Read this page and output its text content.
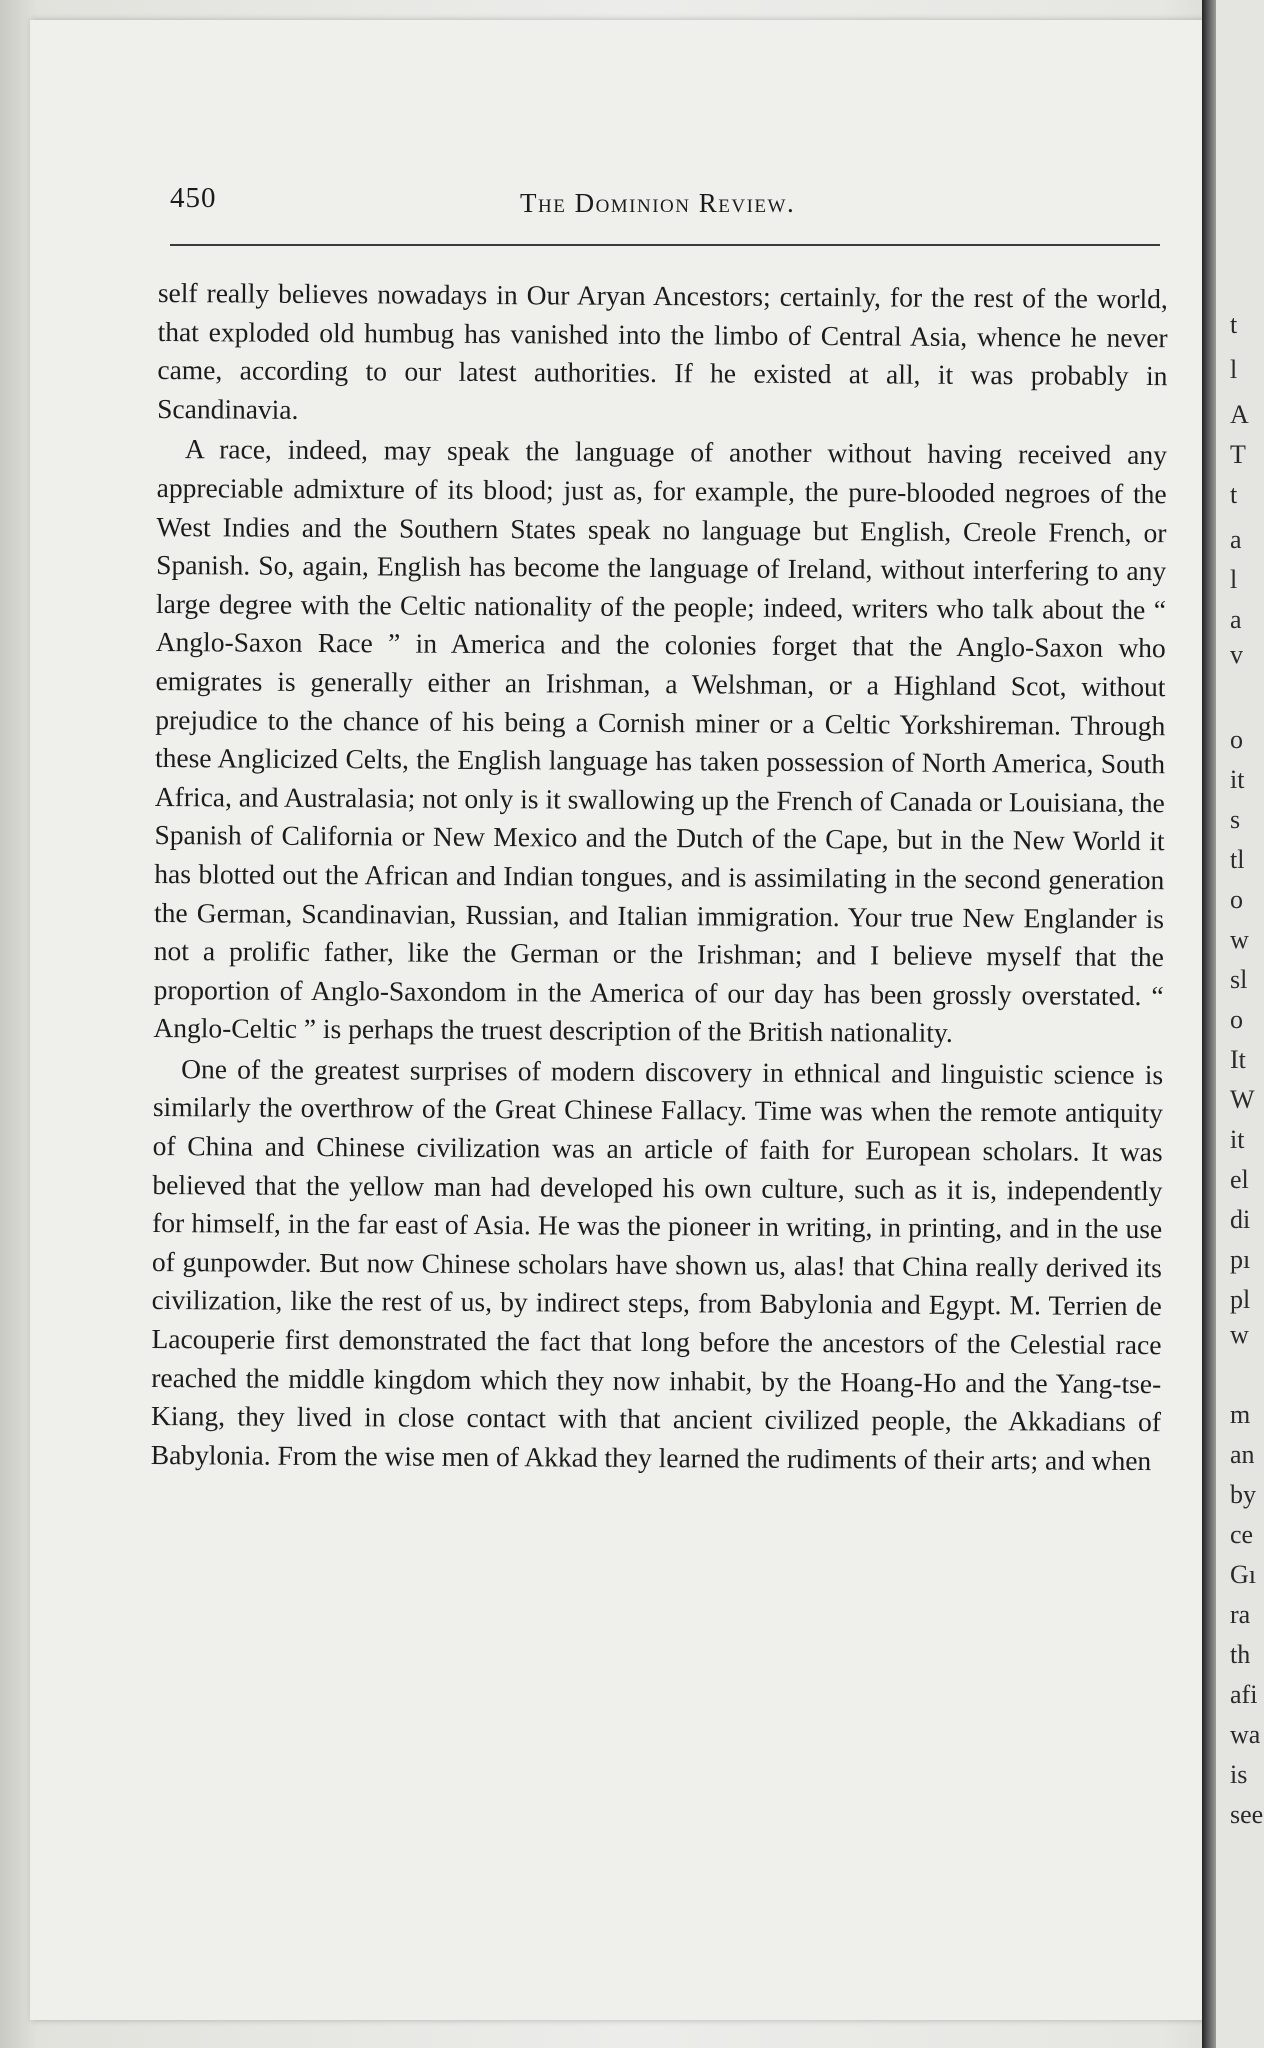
t
l
A
T
t
a
l
a
v
o
it
s
tl
o
w
sl
o
It
W
it
el
di
pı
pl
w
m
an
by
ce
Gı
ra
th
afi
wa
is
see
450	The Dominion Review.

self really believes nowadays in Our Aryan Ancestors; certainly, for the rest of the world, that exploded old humbug has vanished into the limbo of Central Asia, whence he never came, according to our latest authorities. If he existed at all, it was probably in Scandinavia.

A race, indeed, may speak the language of another without having received any appreciable admixture of its blood; just as, for example, the pure-blooded negroes of the West Indies and the Southern States speak no language but English, Creole French, or Spanish. So, again, English has become the language of Ireland, without interfering to any large degree with the Celtic nationality of the people; indeed, writers who talk about the “ Anglo-Saxon Race ” in America and the colonies forget that the Anglo-Saxon who emigrates is generally either an Irishman, a Welshman, or a Highland Scot, without prejudice to the chance of his being a Cornish miner or a Celtic Yorkshireman. Through these Anglicized Celts, the English language has taken possession of North America, South Africa, and Australasia; not only is it swallowing up the French of Canada or Louisiana, the Spanish of California or New Mexico and the Dutch of the Cape, but in the New World it has blotted out the African and Indian tongues, and is assimilating in the second generation the German, Scandinavian, Russian, and Italian immigration. Your true New Englander is not a prolific father, like the German or the Irishman; and I believe myself that the proportion of Anglo-Saxondom in the America of our day has been grossly overstated. “ Anglo-Celtic ” is perhaps the truest description of the British nationality.

One of the greatest surprises of modern discovery in ethnical and linguistic science is similarly the overthrow of the Great Chinese Fallacy. Time was when the remote antiquity of China and Chinese civilization was an article of faith for European scholars. It was believed that the yellow man had developed his own culture, such as it is, independently for himself, in the far east of Asia. He was the pioneer in writing, in printing, and in the use of gunpowder. But now Chinese scholars have shown us, alas! that China really derived its civilization, like the rest of us, by indirect steps, from Babylonia and Egypt. M. Terrien de Lacouperie first demonstrated the fact that long before the ancestors of the Celestial race reached the middle kingdom which they now inhabit, by the Hoang-Ho and the Yang-tse-Kiang, they lived in close contact with that ancient civilized people, the Akkadians of Babylonia. From the wise men of Akkad they learned the rudiments of their arts; and when
